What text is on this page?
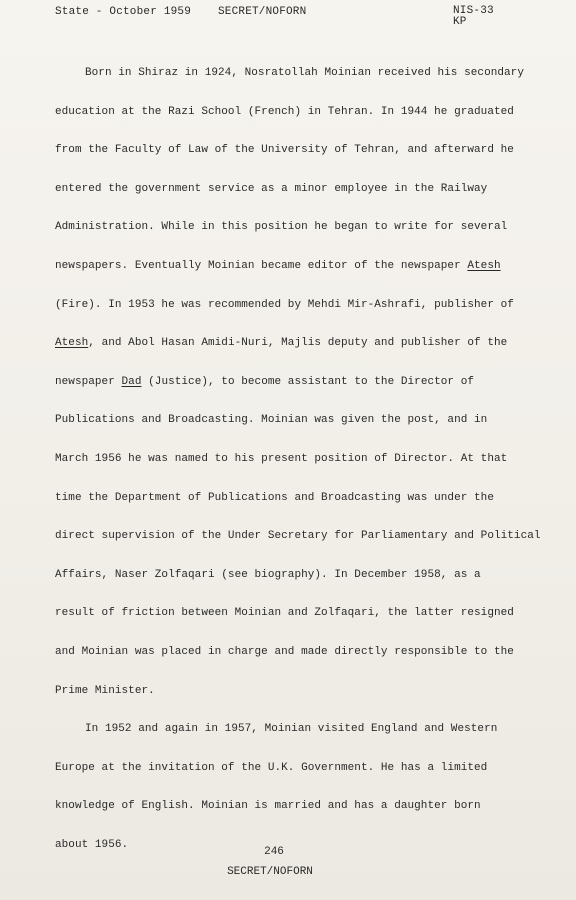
State - October 1959 SECRET/NOFORN	NIS-33
KP
Born in Shiraz in 1924, Nosratollah Moinian received his secondary
education at the Razi School (French) in Tehran. In 1944 he graduated
from the Faculty of Law of the University of Tehran, and afterward he
entered the government service as a minor employee in the Railway
Administration. While in this position he began to write for several
newspapers. Eventually Moinian became editor of the newspaper Atesh
(Fire). In 1953 he was recommended by Mehdi Mir-Ashrafi, publisher of
Atesh, and Abol Hasan Amidi-Nuri, Majlis deputy and publisher of the
newspaper Dad (Justice), to become assistant to the Director of
Publications and Broadcasting. Moinian was given the post, and in
March 1956 he was named to his present position of Director. At that
time the Department of Publications and Broadcasting was under the
direct supervision of the Under Secretary for Parliamentary and Political
Affairs, Naser Zolfaqari (see biography). In December 1958, as a
result of friction between Moinian and Zolfaqari, the latter resigned
and Moinian was placed in charge and made directly responsible to the
Prime Minister.
In 1952 and again in 1957, Moinian visited England and Western
Europe at the invitation of the U.K. Government. He has a limited
knowledge of English. Moinian is married and has a daughter born
about 1956.
246
SECRET/NOFORN
